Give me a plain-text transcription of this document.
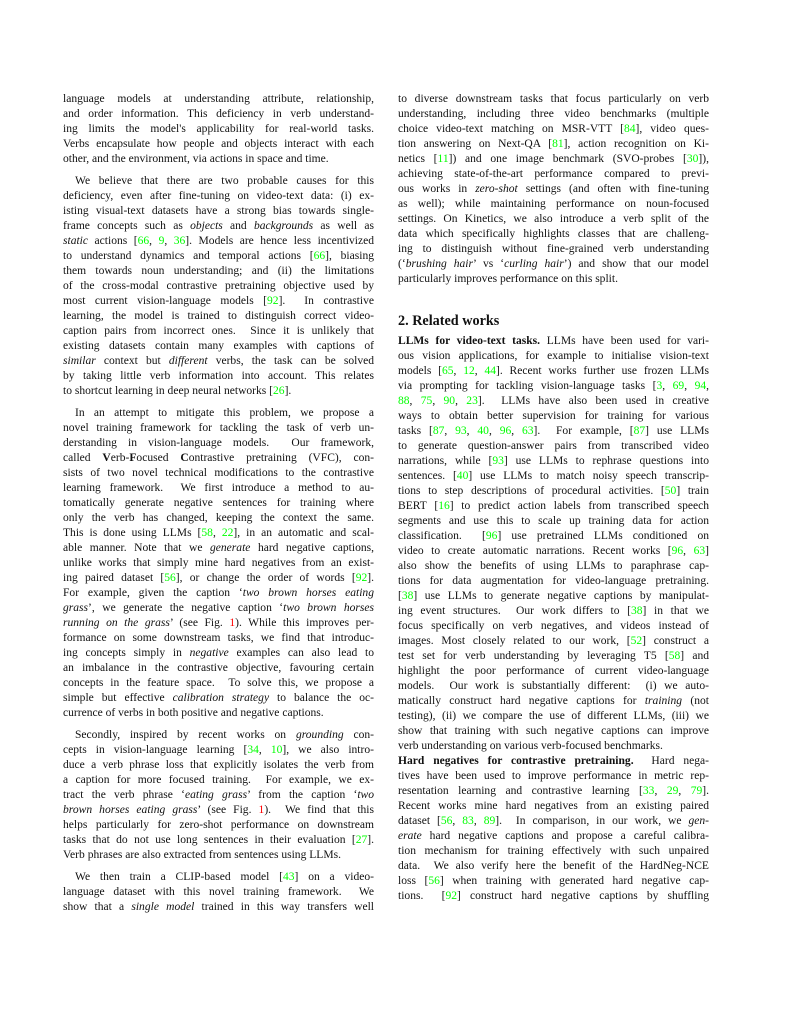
language models at understanding attribute, relationship,
and order information. This deficiency in verb understand-
ing limits the model's applicability for real-world tasks.
Verbs encapsulate how people and objects interact with each
other, and the environment, via actions in space and time.
We believe that there are two probable causes for this
deficiency, even after fine-tuning on video-text data: (i) ex-
isting visual-text datasets have a strong bias towards single-
frame concepts such as objects and backgrounds as well as
static actions [66, 9, 36]. Models are hence less incentivized
to understand dynamics and temporal actions [66], biasing
them towards noun understanding; and (ii) the limitations
of the cross-modal contrastive pretraining objective used by
most current vision-language models [92].  In contrastive
learning, the model is trained to distinguish correct video-
caption pairs from incorrect ones.  Since it is unlikely that
existing datasets contain many examples with captions of
similar context but different verbs, the task can be solved
by taking little verb information into account. This relates
to shortcut learning in deep neural networks [26].
In an attempt to mitigate this problem, we propose a
novel training framework for tackling the task of verb un-
derstanding in vision-language models.  Our framework,
called Verb-Focused Contrastive pretraining (VFC), con-
sists of two novel technical modifications to the contrastive
learning framework.  We first introduce a method to au-
tomatically generate negative sentences for training where
only the verb has changed, keeping the context the same.
This is done using LLMs [58, 22], in an automatic and scal-
able manner. Note that we generate hard negative captions,
unlike works that simply mine hard negatives from an exist-
ing paired dataset [56], or change the order of words [92].
For example, given the caption ‘two brown horses eating
grass’, we generate the negative caption ‘two brown horses
running on the grass’ (see Fig. 1). While this improves per-
formance on some downstream tasks, we find that introduc-
ing concepts simply in negative examples can also lead to
an imbalance in the contrastive objective, favouring certain
concepts in the feature space.  To solve this, we propose a
simple but effective calibration strategy to balance the oc-
currence of verbs in both positive and negative captions.
Secondly, inspired by recent works on grounding con-
cepts in vision-language learning [34, 10], we also intro-
duce a verb phrase loss that explicitly isolates the verb from
a caption for more focused training.  For example, we ex-
tract the verb phrase ‘eating grass’ from the caption ‘two
brown horses eating grass’ (see Fig. 1).  We find that this
helps particularly for zero-shot performance on downstream
tasks that do not use long sentences in their evaluation [27].
Verb phrases are also extracted from sentences using LLMs.
We then train a CLIP-based model [43] on a video-
language dataset with this novel training framework.  We
show that a single model trained in this way transfers well
to diverse downstream tasks that focus particularly on verb
understanding, including three video benchmarks (multiple
choice video-text matching on MSR-VTT [84], video ques-
tion answering on Next-QA [81], action recognition on Ki-
netics [11]) and one image benchmark (SVO-probes [30]),
achieving state-of-the-art performance compared to previ-
ous works in zero-shot settings (and often with fine-tuning
as well); while maintaining performance on noun-focused
settings. On Kinetics, we also introduce a verb split of the
data which specifically highlights classes that are challeng-
ing to distinguish without fine-grained verb understanding
(‘brushing hair’ vs ‘curling hair’) and show that our model
particularly improves performance on this split.
2. Related works
LLMs for video-text tasks. LLMs have been used for vari-
ous vision applications, for example to initialise vision-text
models [65, 12, 44]. Recent works further use frozen LLMs
via prompting for tackling vision-language tasks [3, 69, 94,
88, 75, 90, 23].  LLMs have also been used in creative
ways to obtain better supervision for training for various
tasks [87, 93, 40, 96, 63].  For example, [87] use LLMs
to generate question-answer pairs from transcribed video
narrations, while [93] use LLMs to rephrase questions into
sentences. [40] use LLMs to match noisy speech transcrip-
tions to step descriptions of procedural activities. [50] train
BERT [16] to predict action labels from transcribed speech
segments and use this to scale up training data for action
classification.  [96] use pretrained LLMs conditioned on
video to create automatic narrations. Recent works [96, 63]
also show the benefits of using LLMs to paraphrase cap-
tions for data augmentation for video-language pretraining.
[38] use LLMs to generate negative captions by manipulat-
ing event structures.  Our work differs to [38] in that we
focus specifically on verb negatives, and videos instead of
images. Most closely related to our work, [52] construct a
test set for verb understanding by leveraging T5 [58] and
highlight the poor performance of current video-language
models.  Our work is substantially different:  (i) we auto-
matically construct hard negative captions for training (not
testing), (ii) we compare the use of different LLMs, (iii) we
show that training with such negative captions can improve
verb understanding on various verb-focused benchmarks.
Hard negatives for contrastive pretraining.  Hard nega-
tives have been used to improve performance in metric rep-
resentation learning and contrastive learning [33, 29, 79].
Recent works mine hard negatives from an existing paired
dataset [56, 83, 89].  In comparison, in our work, we gen-
erate hard negative captions and propose a careful calibra-
tion mechanism for training effectively with such unpaired
data.  We also verify here the benefit of the HardNeg-NCE
loss [56] when training with generated hard negative cap-
tions.  [92] construct hard negative captions by shuffling
